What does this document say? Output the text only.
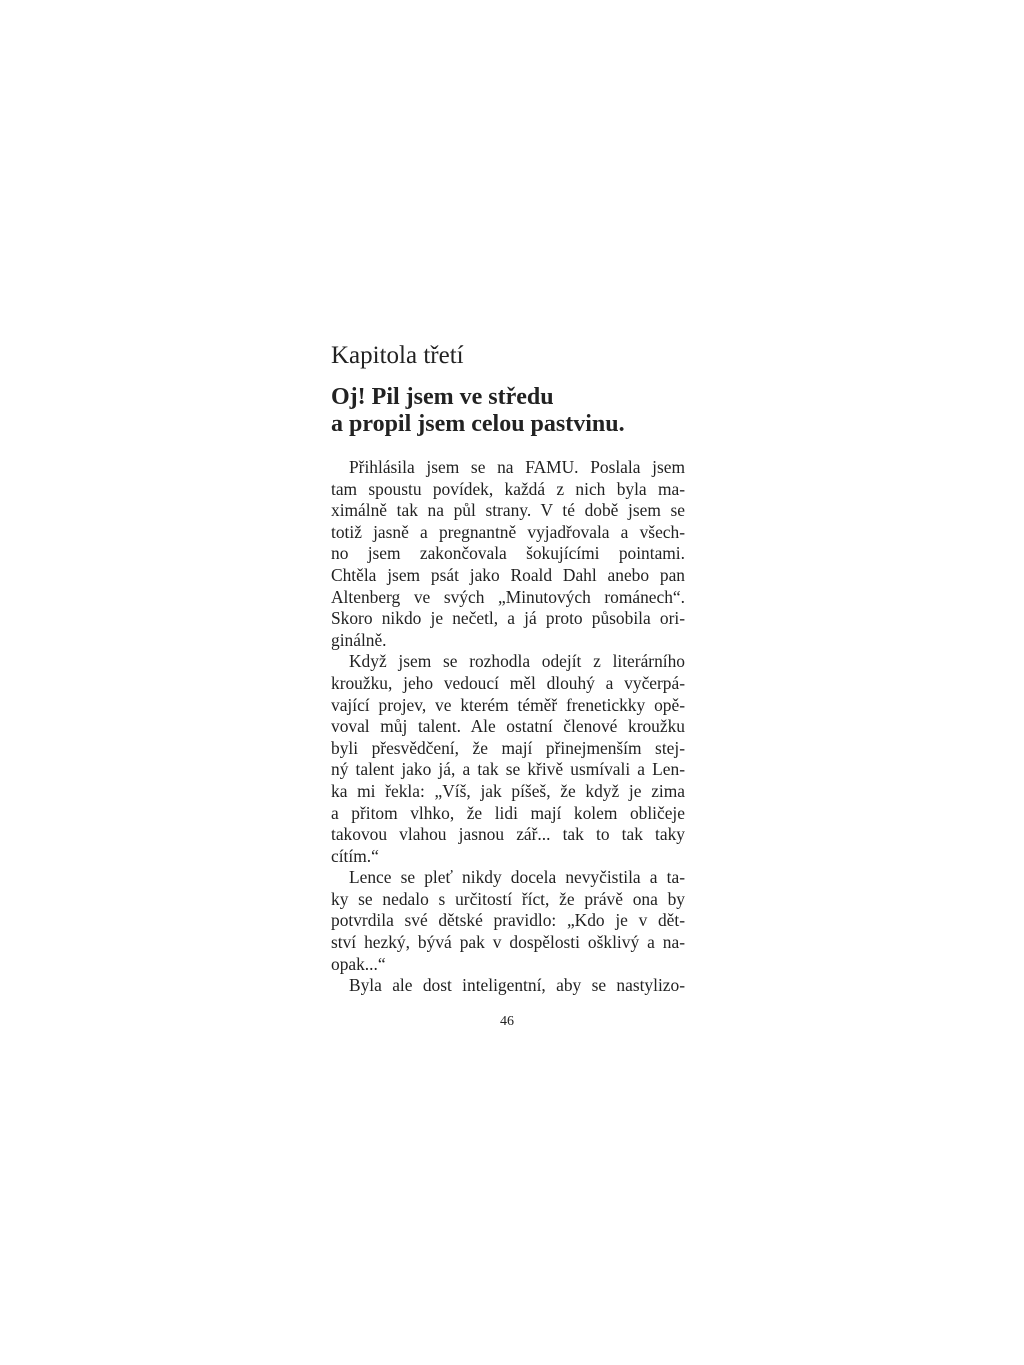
Kapitola třetí
Oj! Pil jsem ve středu
a propil jsem celou pastvinu.
Přihlásila jsem se na FAMU. Poslala jsem
tam spoustu povídek, každá z nich byla ma-
ximálně tak na půl strany. V té době jsem se
totiž jasně a pregnantně vyjadřovala a všech-
no jsem zakončovala šokujícími pointami.
Chtěla jsem psát jako Roald Dahl anebo pan
Altenberg ve svých „Minutových románech“.
Skoro nikdo je nečetl, a já proto působila ori-
ginálně.
Když jsem se rozhodla odejít z literárního
kroužku, jeho vedoucí měl dlouhý a vyčerpá-
vající projev, ve kterém téměř frenetickky opě-
voval můj talent. Ale ostatní členové kroužku
byli přesvědčení, že mají přinejmenším stej-
ný talent jako já, a tak se křivě usmívali a Len-
ka mi řekla: „Víš, jak píšeš, že když je zima
a přitom vlhko, že lidi mají kolem obličeje
takovou vlahou jasnou zář... tak to tak taky
cítím.“
Lence se pleť nikdy docela nevyčistila a ta-
ky se nedalo s určitostí říct, že právě ona by
potvrdila své dětské pravidlo: „Kdo je v dět-
ství hezký, bývá pak v dospělosti ošklivý a na-
opak...“
Byla ale dost inteligentní, aby se nastylizo-
46
